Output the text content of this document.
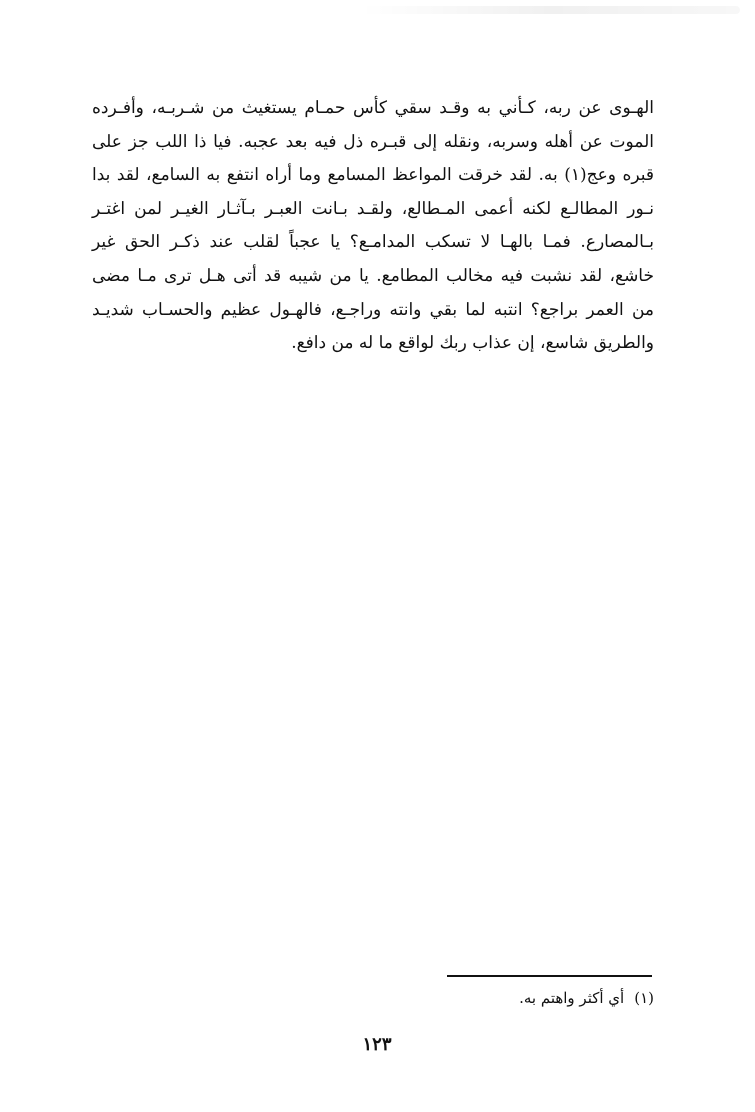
الهـوى عن ربه، كـأني به وقـد سقي كأس حمـام يستغيث من شـربـه، وأفـرده
الموت عن أهله وسربه، ونقله إلى قبـره ذل فيه بعد عجبه. فيا ذا اللب جز على
قبره وعج(١) به. لقد خرقت المواعظ المسامع وما أراه انتفع به السامع، لقد بدا
نـور المطالـع لكنه أعمى المـطالع، ولقـد بـانت العبـر بـآثـار الغيـر لمن اغتـر
بـالمصارع. فمـا بالهـا لا تسكب المدامـع؟ يا عجباً لقلب عند ذكـر الحق غير
خاشع، لقد نشبت فيه مخالب المطامع. يا من شيبه قد أتى هـل ترى مـا مضى
من العمر براجع؟ انتبه لما بقي وانته وراجـع، فالهـول عظيم والحسـاب شديـد
والطريق شاسع، إن عذاب ربك لواقع ما له من دافع.
(١)أي أكثر واهتم به.
١٢٣
